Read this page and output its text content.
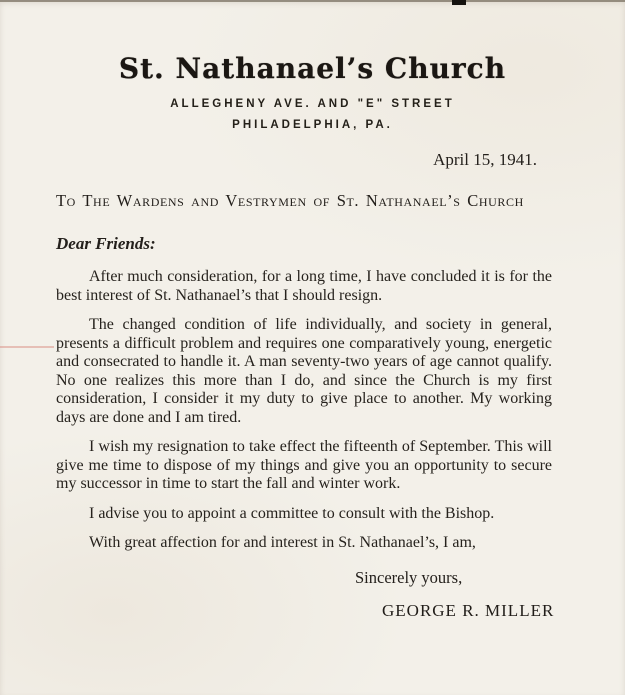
St. Nathanael’s Church
ALLEGHENY AVE. AND "E" STREET
PHILADELPHIA, PA.
April 15, 1941.
To The Wardens and Vestrymen of St. Nathanael’s Church
Dear Friends:

After much consideration, for a long time, I have concluded it is for the best interest of St. Nathanael’s that I should resign.

The changed condition of life individually, and society in general, presents a difficult problem and requires one comparatively young, energetic and consecrated to handle it. A man seventy-two years of age cannot qualify. No one realizes this more than I do, and since the Church is my first consideration, I consider it my duty to give place to another. My working days are done and I am tired.

I wish my resignation to take effect the fifteenth of September. This will give me time to dispose of my things and give you an opportunity to secure my successor in time to start the fall and winter work.

I advise you to appoint a committee to consult with the Bishop.

With great affection for and interest in St. Nathanael’s, I am,

Sincerely yours,
GEORGE R. MILLER
